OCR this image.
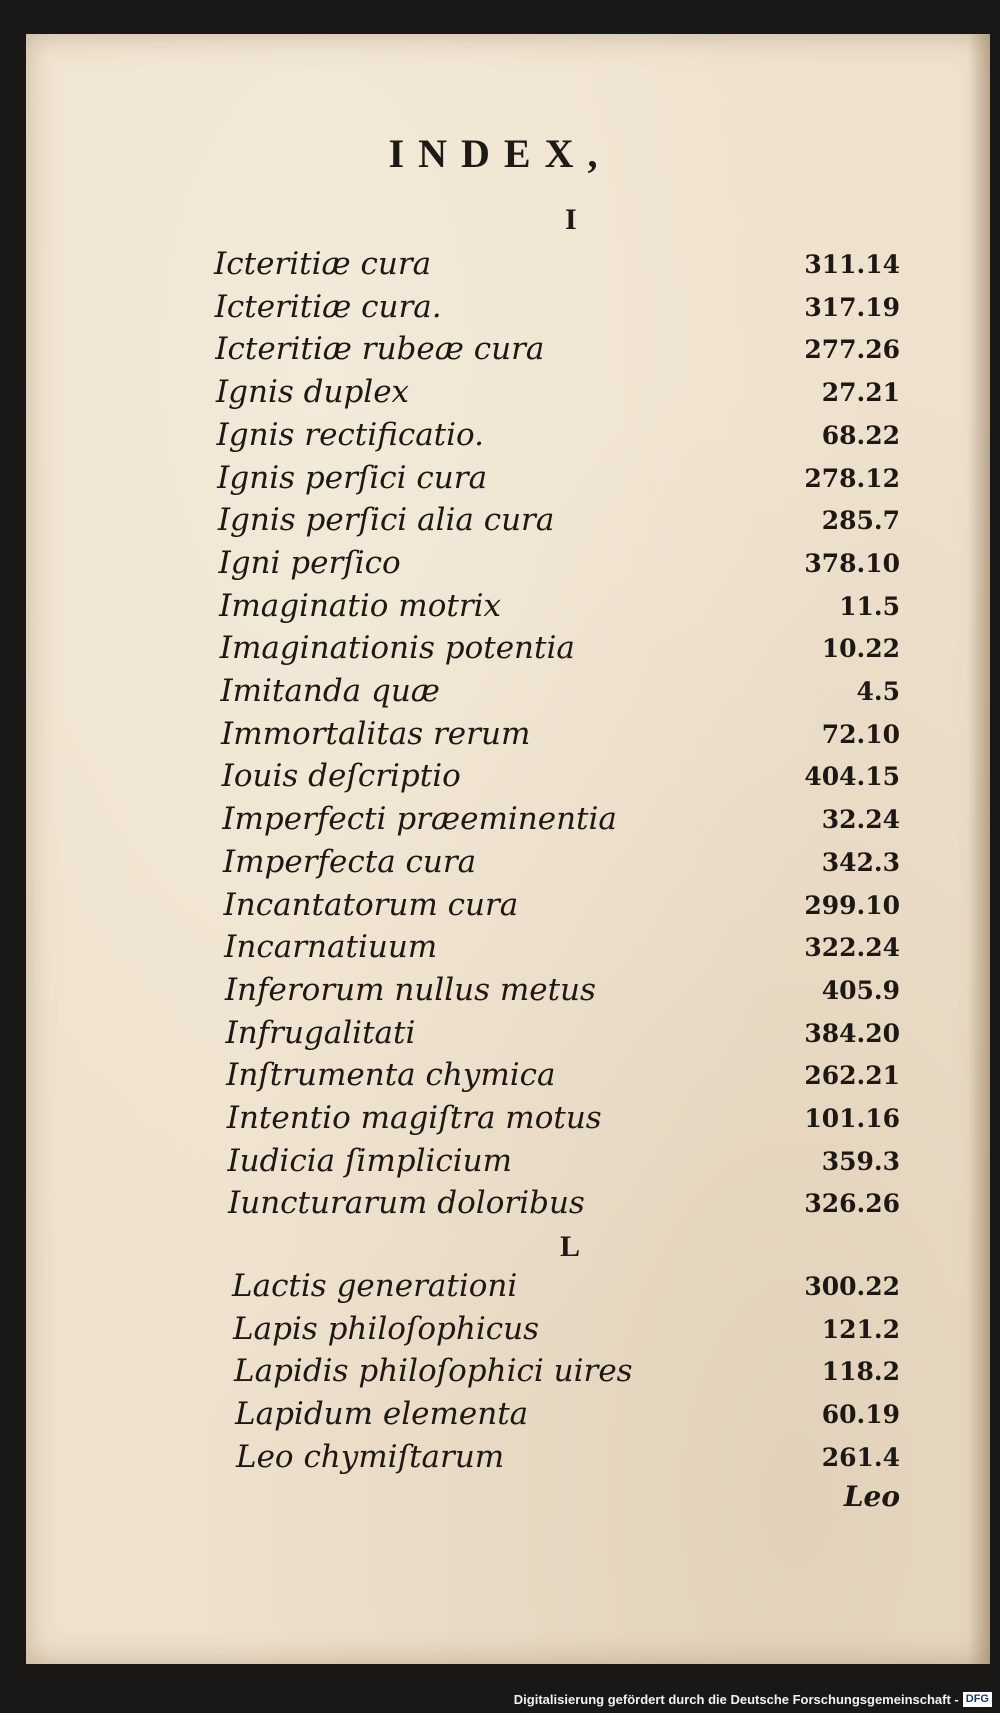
INDEX,
I
L
Icteritiæ cura	311.14
Icteritiæ cura.	317.19
Icteritiæ rubeæ cura	277.26
Ignis duplex	27.21
Ignis rectificatio.	68.22
Ignis perſici cura	278.12
Ignis perſici alia cura	285.7
Igni perſico	378.10
Imaginatio motrix	11.5
Imaginationis potentia	10.22
Imitanda quæ	4.5
Immortalitas rerum	72.10
Iouis deſcriptio	404.15
Imperfecti præeminentia	32.24
Imperfecta cura	342.3
Incantatorum cura	299.10
Incarnatiuum	322.24
Inferorum nullus metus	405.9
Infrugalitati	384.20
Inſtrumenta chymica	262.21
Intentio magiſtra motus	101.16
Iudicia ſimplicium	359.3
Iuncturarum doloribus	326.26
Lactis generationi	300.22
Lapis philoſophicus	121.2
Lapidis philoſophici uires	118.2
Lapidum elementa	60.19
Leo chymiſtarum	261.4
Leo
Digitalisierung gefördert durch die Deutsche Forschungsgemeinschaft - DFG
